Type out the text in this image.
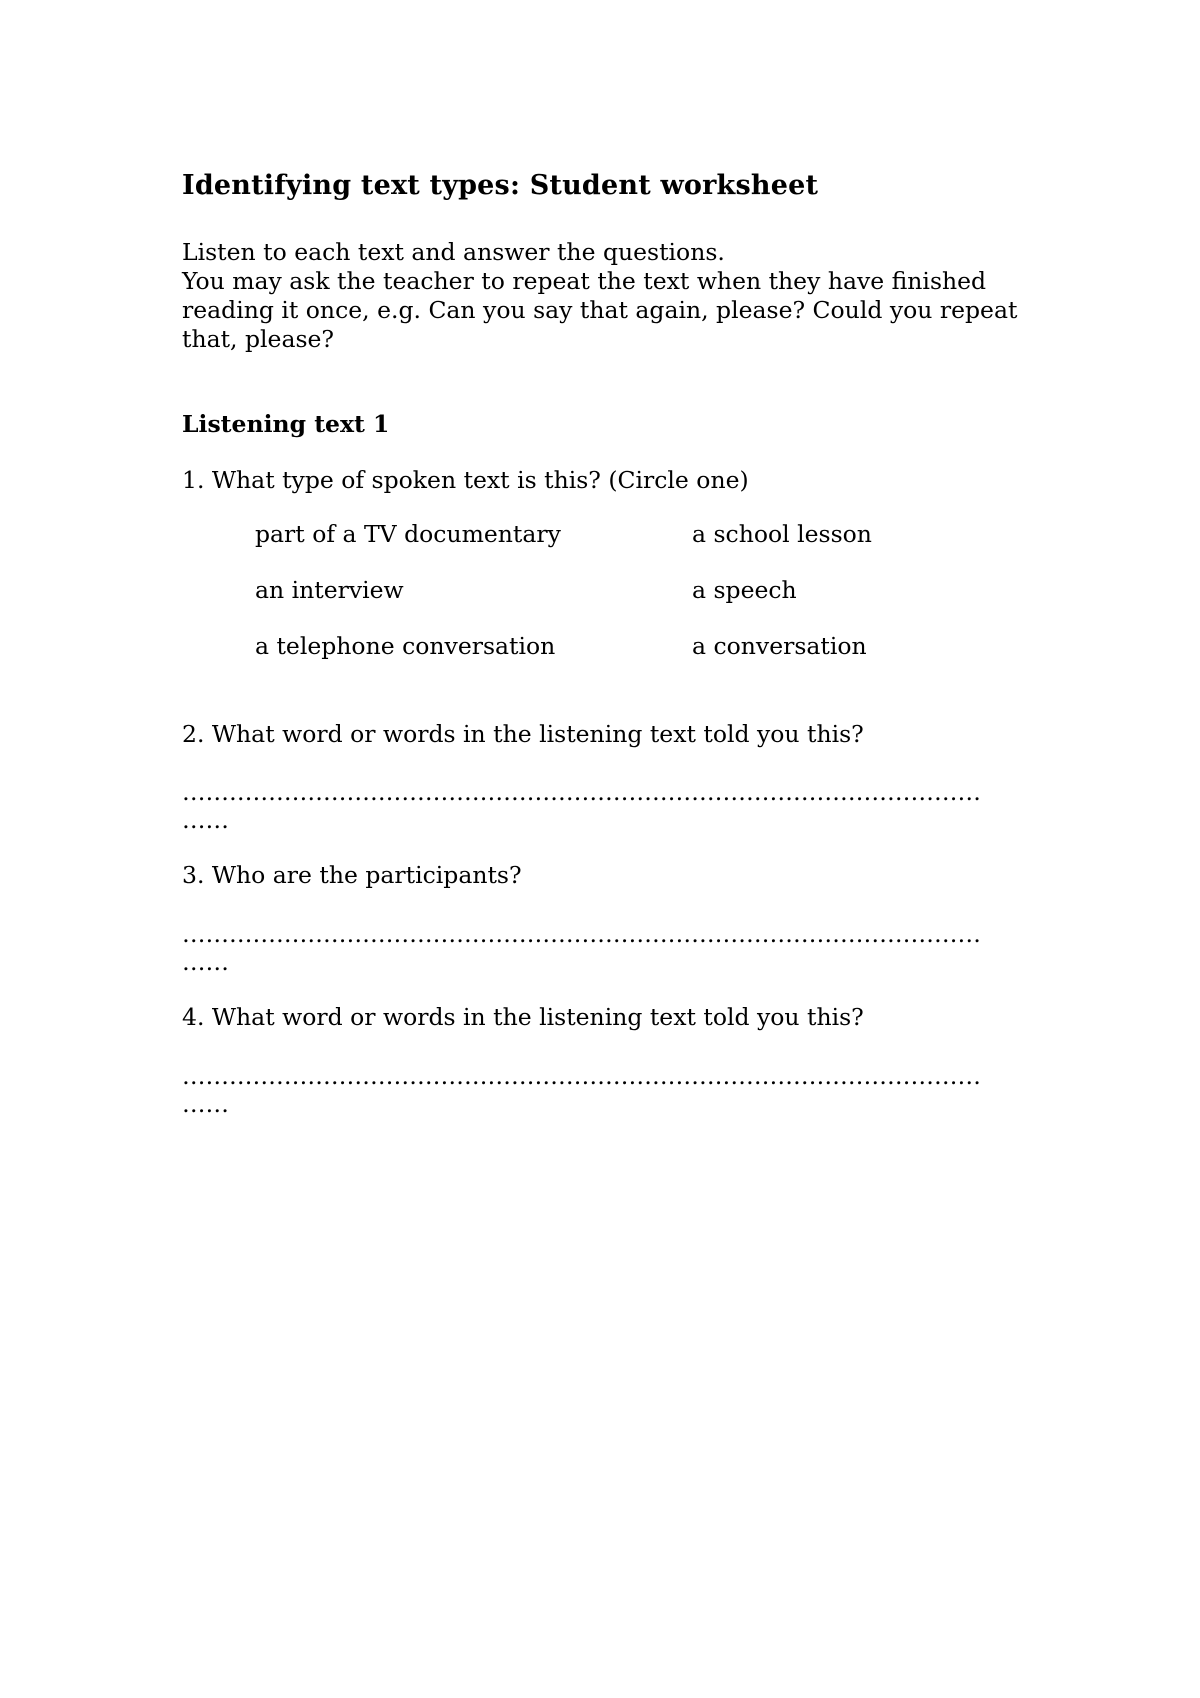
Identifying text types: Student worksheet

Listen to each text and answer the questions.

You may ask the teacher to repeat the text when they have finished reading it once, e.g. Can you say that again, please? Could you repeat that, please?

Listening text 1

1. What type of spoken text is this? (Circle one)

part of a TV documentary	a school lesson
an interview	a speech
a telephone conversation	a conversation

2. What word or words in the listening text told you this?

…………………………………………………………………………………………
……

3. Who are the participants?

…………………………………………………………………………………………
……

4. What word or words in the listening text told you this?

…………………………………………………………………………………………
……
